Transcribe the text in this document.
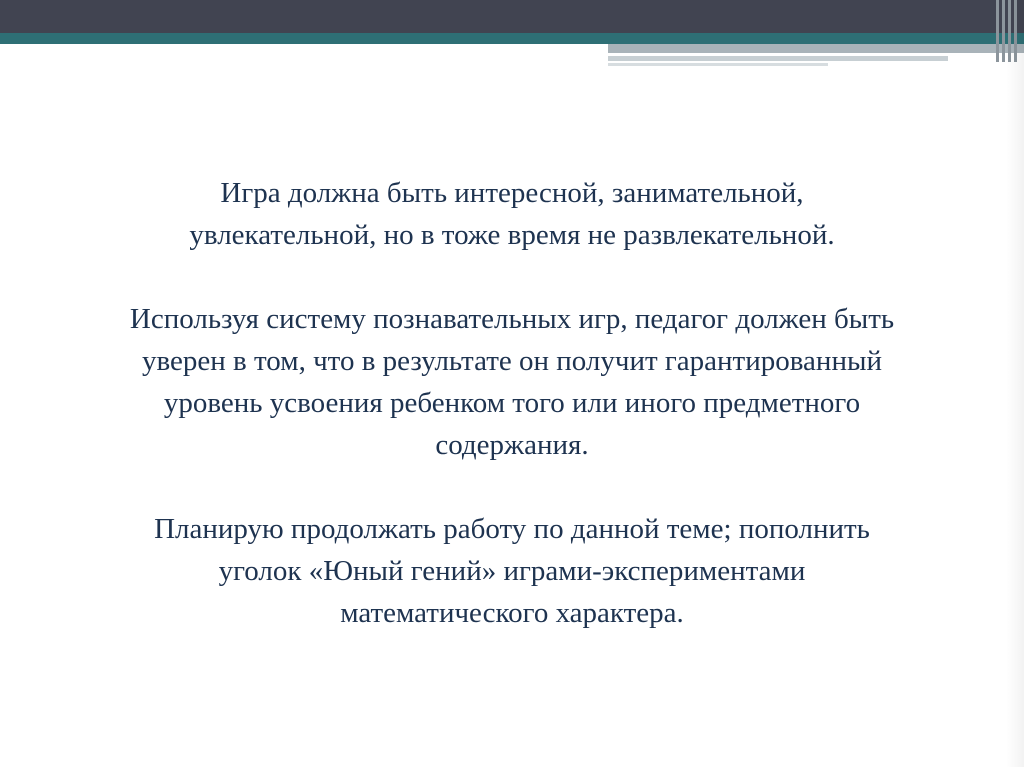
Игра должна быть интересной, занимательной,
увлекательной, но в тоже время не развлекательной.

Используя систему познавательных игр, педагог должен быть
уверен в том, что в результате он получит гарантированный
уровень усвоения ребенком того или иного предметного
содержания.

Планирую продолжать работу по данной теме; пополнить
уголок «Юный гений» играми-экспериментами
математического характера.
